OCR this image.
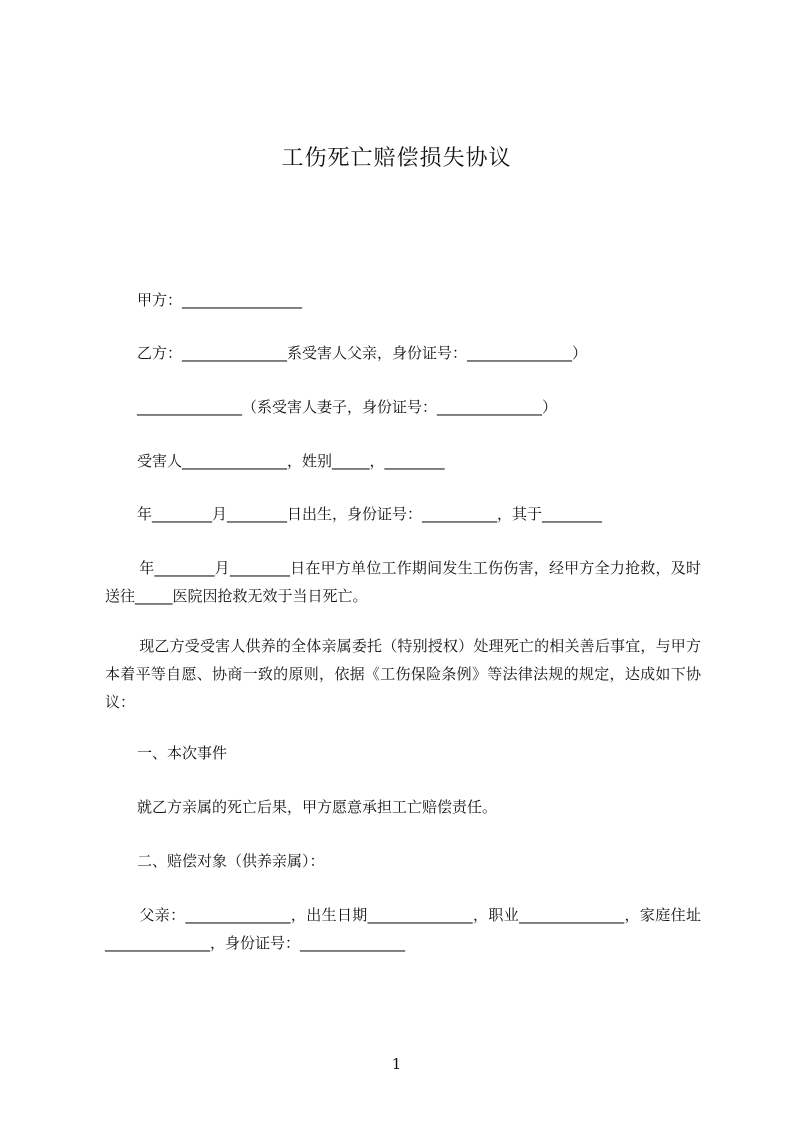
工伤死亡赔偿损失协议
甲方：________________
乙方：______________系受害人父亲，身份证号：______________）
______________（系受害人妻子，身份证号：______________）
受害人______________，姓别_____，________
年________月________日出生，身份证号：__________，其于________
年________月________日在甲方单位工作期间发生工伤伤害，经甲方全力抢救，及时送往_____医院因抢救无效于当日死亡。
现乙方受受害人供养的全体亲属委托（特别授权）处理死亡的相关善后事宜，与甲方本着平等自愿、协商一致的原则，依据《工伤保险条例》等法律法规的规定，达成如下协议：
一、本次事件
就乙方亲属的死亡后果，甲方愿意承担工亡赔偿责任。
二、赔偿对象（供养亲属）：
父亲：______________，出生日期______________，职业______________，家庭住址______________，身份证号：______________
1
